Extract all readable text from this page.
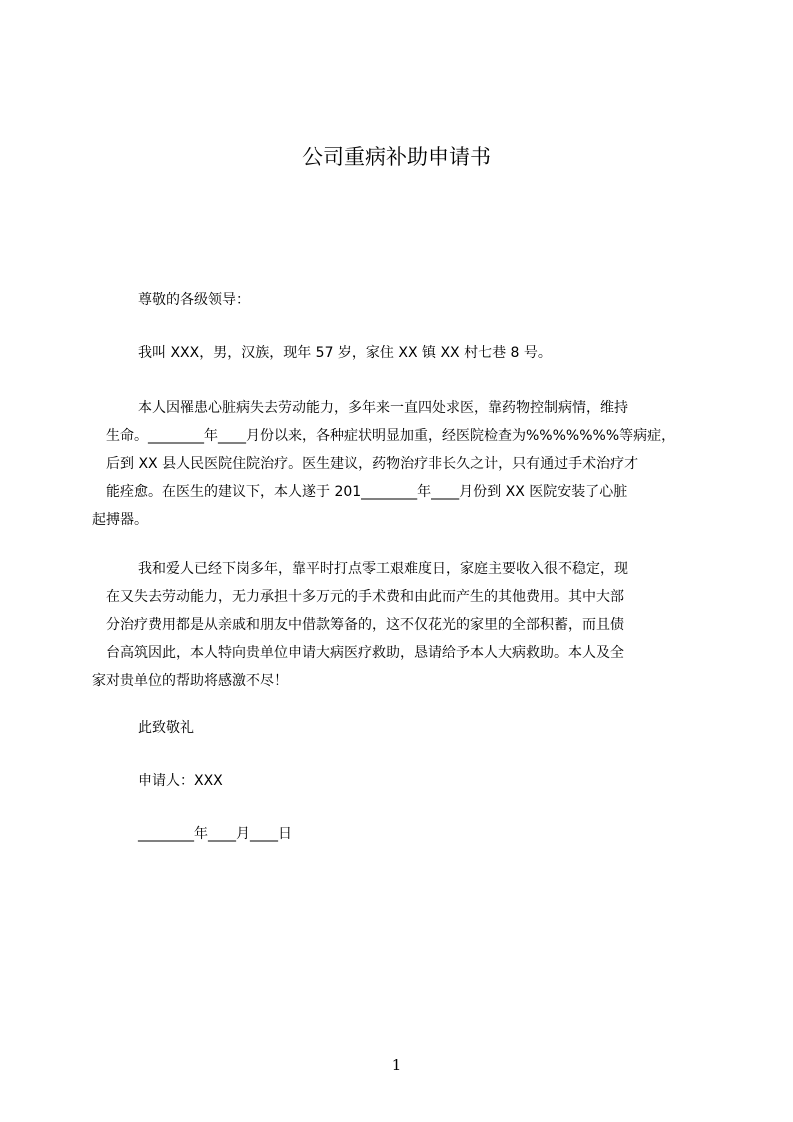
公司重病补助申请书
尊敬的各级领导：
我叫 XXX，男，汉族，现年 57 岁，家住 XX 镇 XX 村七巷 8 号。
本人因罹患心脏病失去劳动能力，多年来一直四处求医，靠药物控制病情，维持
生命。________年____月份以来，各种症状明显加重，经医院检查为%%%%%%%等病症，
后到 XX 县人民医院住院治疗。医生建议，药物治疗非长久之计，只有通过手术治疗才
能痊愈。在医生的建议下，本人遂于 201________年____月份到 XX 医院安装了心脏
起搏器。
我和爱人已经下岗多年，靠平时打点零工艰难度日，家庭主要收入很不稳定，现
在又失去劳动能力，无力承担十多万元的手术费和由此而产生的其他费用。其中大部
分治疗费用都是从亲戚和朋友中借款筹备的，这不仅花光的家里的全部积蓄，而且债
台高筑因此，本人特向贵单位申请大病医疗救助，恳请给予本人大病救助。本人及全
家对贵单位的帮助将感激不尽！
此致敬礼
申请人：XXX
________年____月____日
1
